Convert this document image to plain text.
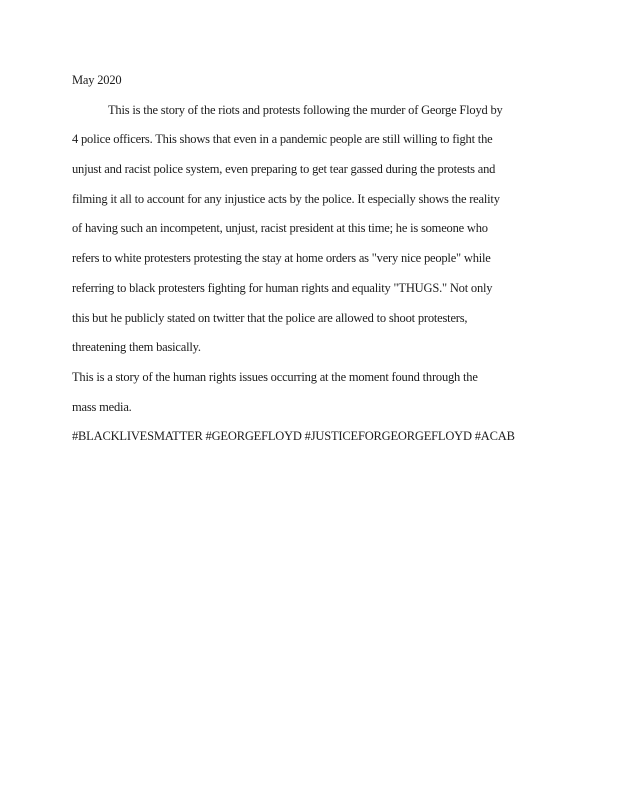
May 2020
This is the story of the riots and protests following the murder of George Floyd by
4 police officers. This shows that even in a pandemic people are still willing to fight the
unjust and racist police system, even preparing to get tear gassed during the protests and
filming it all to account for any injustice acts by the police. It especially shows the reality
of having such an incompetent, unjust, racist president at this time; he is someone who
refers to white protesters protesting the stay at home orders as "very nice people" while
referring to black protesters fighting for human rights and equality "THUGS." Not only
this but he publicly stated on twitter that the police are allowed to shoot protesters,
threatening them basically.
This is a story of the human rights issues occurring at the moment found through the
mass media.
#BLACKLIVESMATTER #GEORGEFLOYD #JUSTICEFORGEORGEFLOYD #ACAB
